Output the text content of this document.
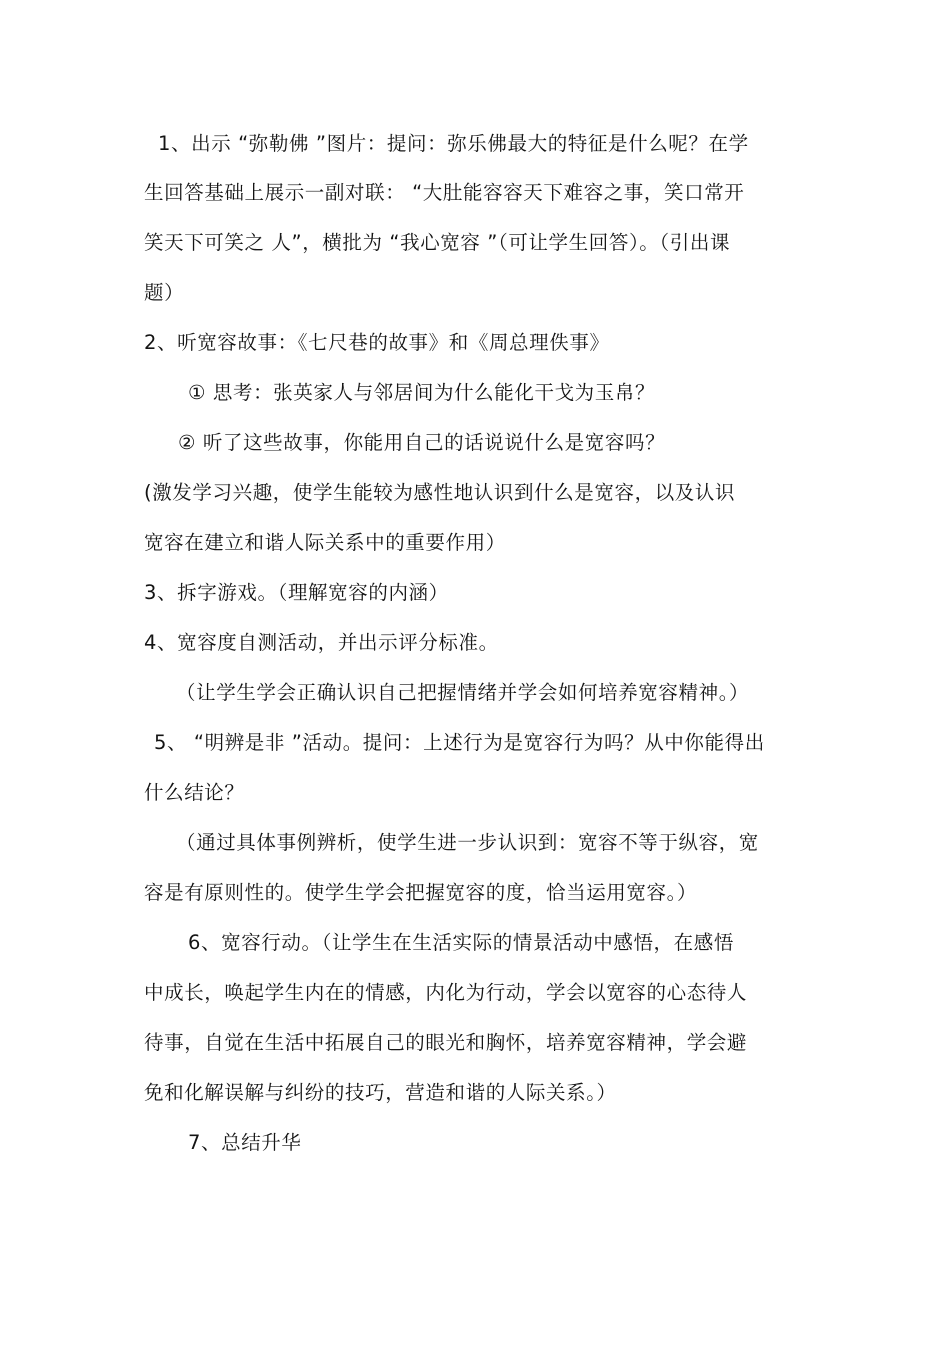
1、出示 “弥勒佛 ”图片：提问：弥乐佛最大的特征是什么呢？在学
生回答基础上展示一副对联： “大肚能容容天下难容之事，笑口常开
笑天下可笑之 人”，横批为 “我心宽容 ”（可让学生回答）。（引出课
题）
2、听宽容故事：《七尺巷的故事》和《周总理佚事》
① 思考：张英家人与邻居间为什么能化干戈为玉帛？
② 听了这些故事，你能用自己的话说说什么是宽容吗？
(激发学习兴趣，使学生能较为感性地认识到什么是宽容，以及认识
宽容在建立和谐人际关系中的重要作用）
3、拆字游戏。（理解宽容的内涵）
4、宽容度自测活动，并出示评分标准。
（让学生学会正确认识自己把握情绪并学会如何培养宽容精神。）
5、 “明辨是非 ”活动。提问：上述行为是宽容行为吗？从中你能得出
什么结论？
（通过具体事例辨析，使学生进一步认识到：宽容不等于纵容，宽
容是有原则性的。使学生学会把握宽容的度，恰当运用宽容。）
6、宽容行动。（让学生在生活实际的情景活动中感悟，在感悟
中成长，唤起学生内在的情感，内化为行动，学会以宽容的心态待人
待事，自觉在生活中拓展自己的眼光和胸怀，培养宽容精神，学会避
免和化解误解与纠纷的技巧，营造和谐的人际关系。）
7、总结升华
